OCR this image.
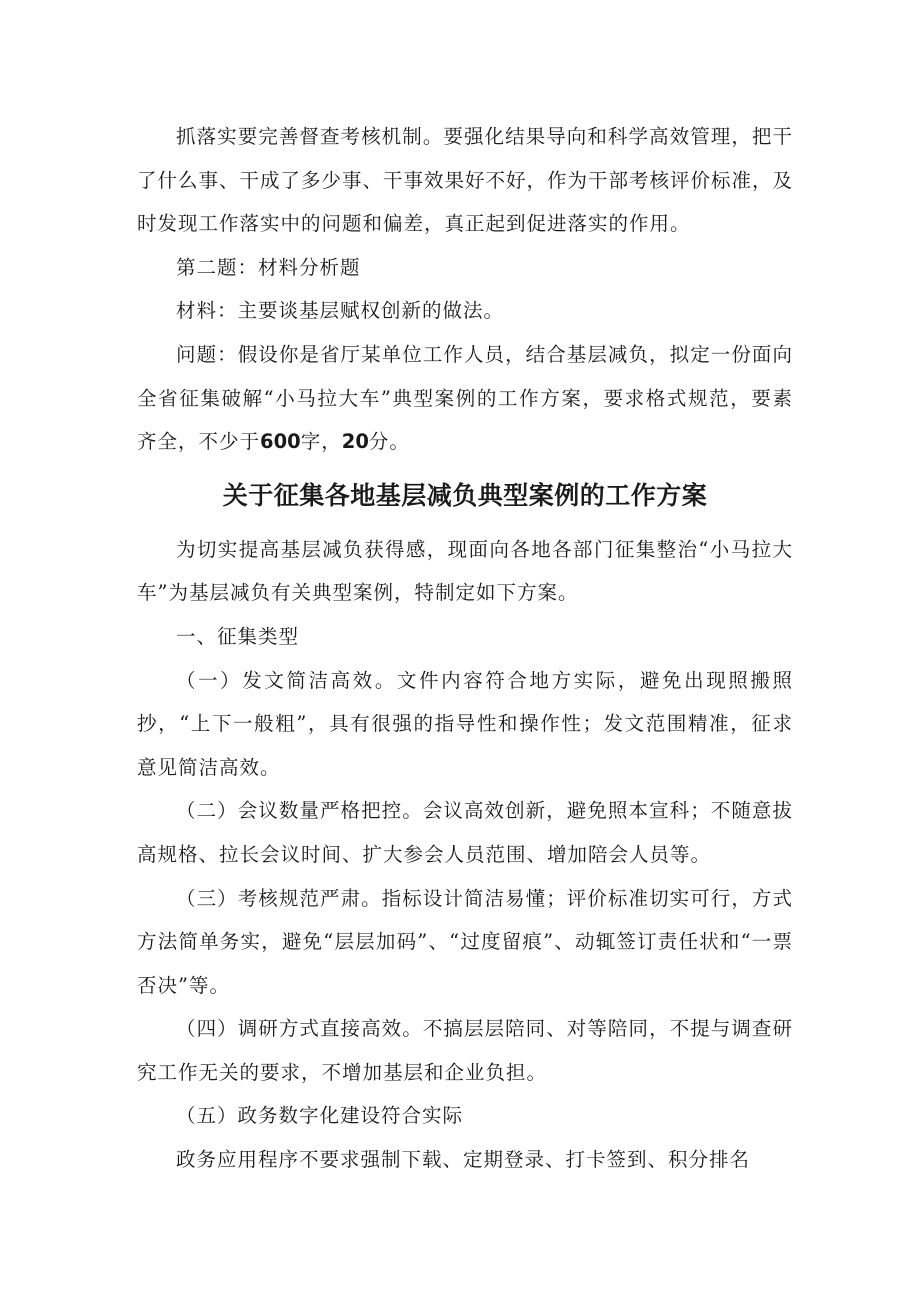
抓落实要完善督查考核机制。要强化结果导向和科学高效管理，把干了什么事、干成了多少事、干事效果好不好，作为干部考核评价标准，及时发现工作落实中的问题和偏差，真正起到促进落实的作用。

第二题：材料分析题

材料：主要谈基层赋权创新的做法。

问题：假设你是省厅某单位工作人员，结合基层减负，拟定一份面向全省征集破解“小马拉大车”典型案例的工作方案，要求格式规范，要素齐全，不少于600字，20分。

关于征集各地基层减负典型案例的工作方案

为切实提高基层减负获得感，现面向各地各部门征集整治“小马拉大车”为基层减负有关典型案例，特制定如下方案。

一、征集类型

（一）发文简洁高效。文件内容符合地方实际，避免出现照搬照抄，“上下一般粗”，具有很强的指导性和操作性；发文范围精准，征求意见简洁高效。

（二）会议数量严格把控。会议高效创新，避免照本宣科；不随意拔高规格、拉长会议时间、扩大参会人员范围、增加陪会人员等。

（三）考核规范严肃。指标设计简洁易懂；评价标准切实可行，方式方法简单务实，避免“层层加码”、“过度留痕”、动辄签订责任状和“一票否决”等。

（四）调研方式直接高效。不搞层层陪同、对等陪同，不提与调查研究工作无关的要求，不增加基层和企业负担。

（五）政务数字化建设符合实际

政务应用程序不要求强制下载、定期登录、打卡签到、积分排名
